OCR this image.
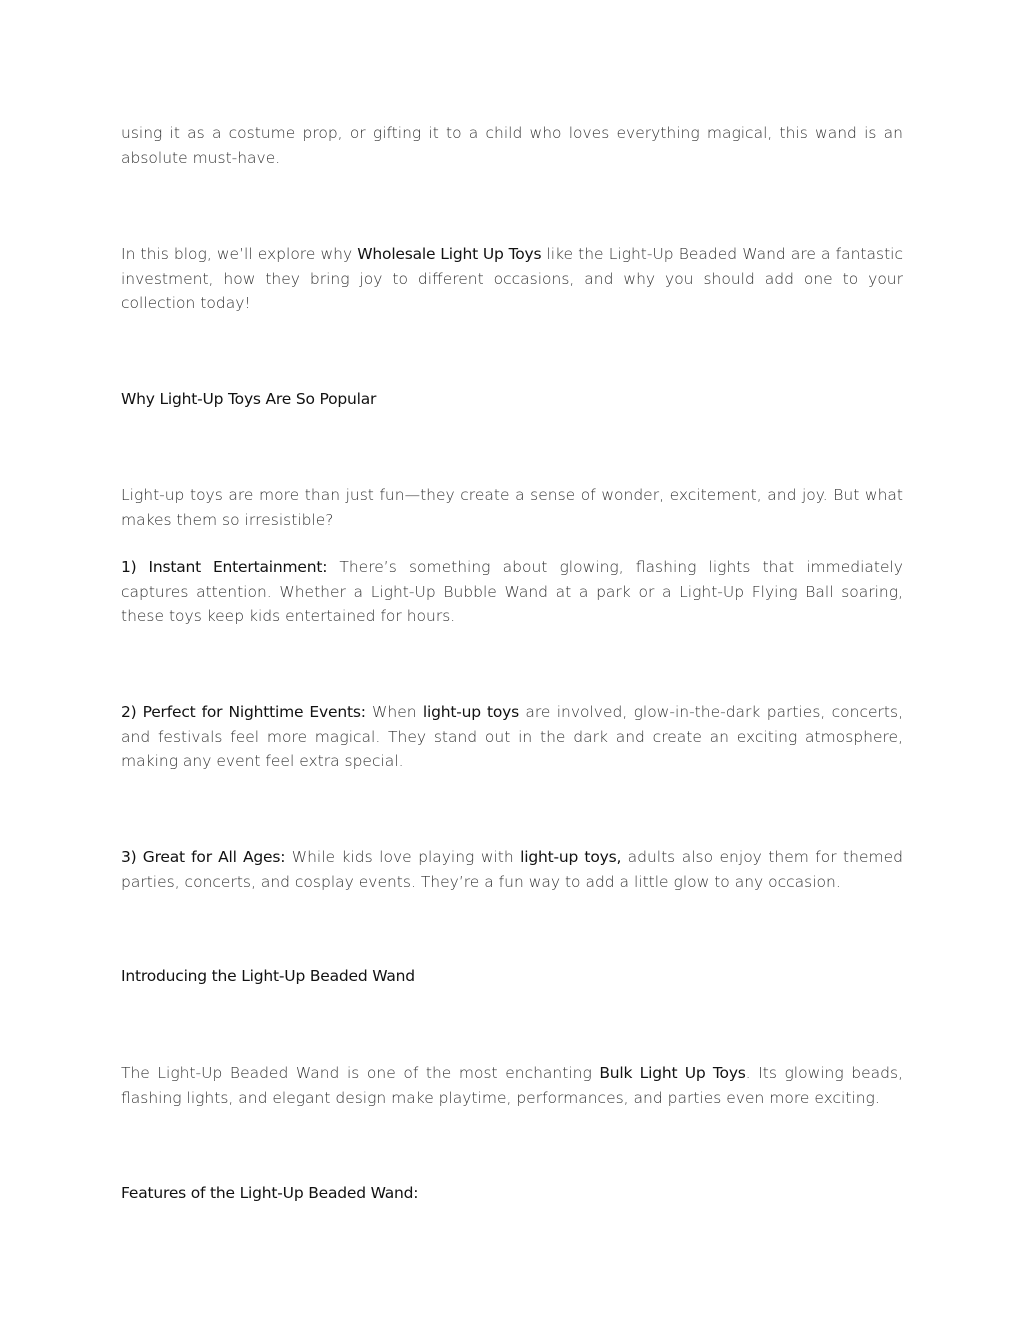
using it as a costume prop, or gifting it to a child who loves everything magical, this wand is an absolute must-have.

In this blog, we’ll explore why Wholesale Light Up Toys like the Light-Up Beaded Wand are a fantastic investment, how they bring joy to different occasions, and why you should add one to your collection today!

Why Light-Up Toys Are So Popular

Light-up toys are more than just fun—they create a sense of wonder, excitement, and joy. But what makes them so irresistible?

1) Instant Entertainment: There’s something about glowing, flashing lights that immediately captures attention. Whether a Light-Up Bubble Wand at a park or a Light-Up Flying Ball soaring, these toys keep kids entertained for hours.

2) Perfect for Nighttime Events: When light-up toys are involved, glow-in-the-dark parties, concerts, and festivals feel more magical. They stand out in the dark and create an exciting atmosphere, making any event feel extra special.

3) Great for All Ages: While kids love playing with light-up toys, adults also enjoy them for themed parties, concerts, and cosplay events. They’re a fun way to add a little glow to any occasion.

Introducing the Light-Up Beaded Wand

The Light-Up Beaded Wand is one of the most enchanting Bulk Light Up Toys. Its glowing beads, flashing lights, and elegant design make playtime, performances, and parties even more exciting.

Features of the Light-Up Beaded Wand:
